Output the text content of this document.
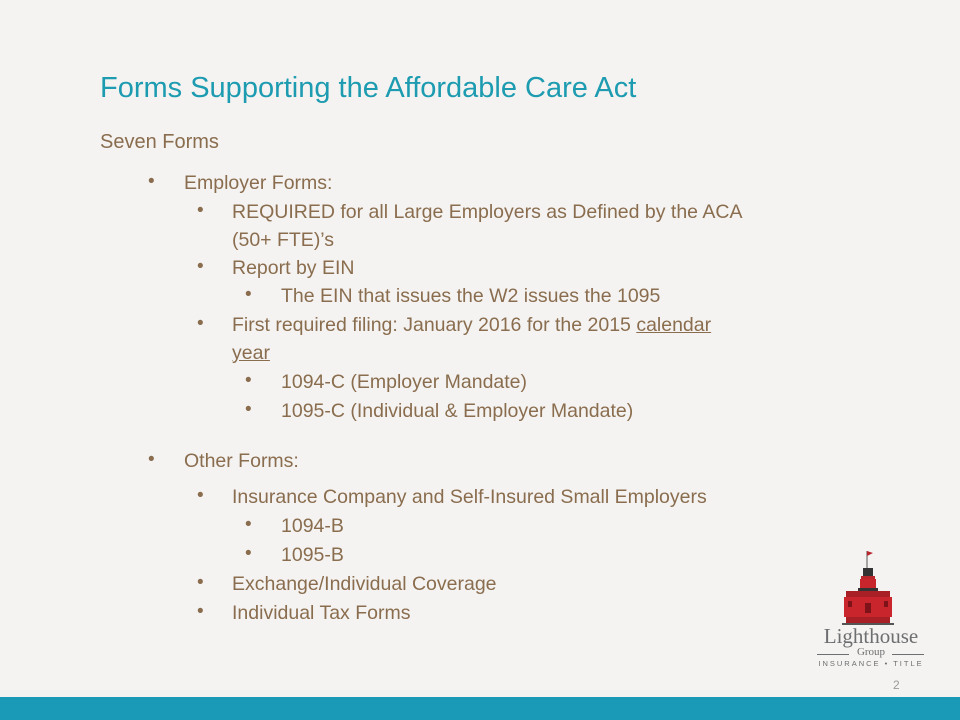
Forms Supporting the Affordable Care Act
Seven Forms
• Employer Forms:
• REQUIRED for all Large Employers as Defined by the ACA
(50+ FTE)’s
• Report by EIN
• The EIN that issues the W2 issues the 1095
• First required filing: January 2016 for the 2015 calendar
year
• 1094-C (Employer Mandate)
• 1095-C (Individual & Employer Mandate)
• Other Forms:
• Insurance Company and Self-Insured Small Employers
• 1094-B
• 1095-B
• Exchange/Individual Coverage
• Individual Tax Forms
Lighthouse
Group
INSURANCE • TITLE
2
